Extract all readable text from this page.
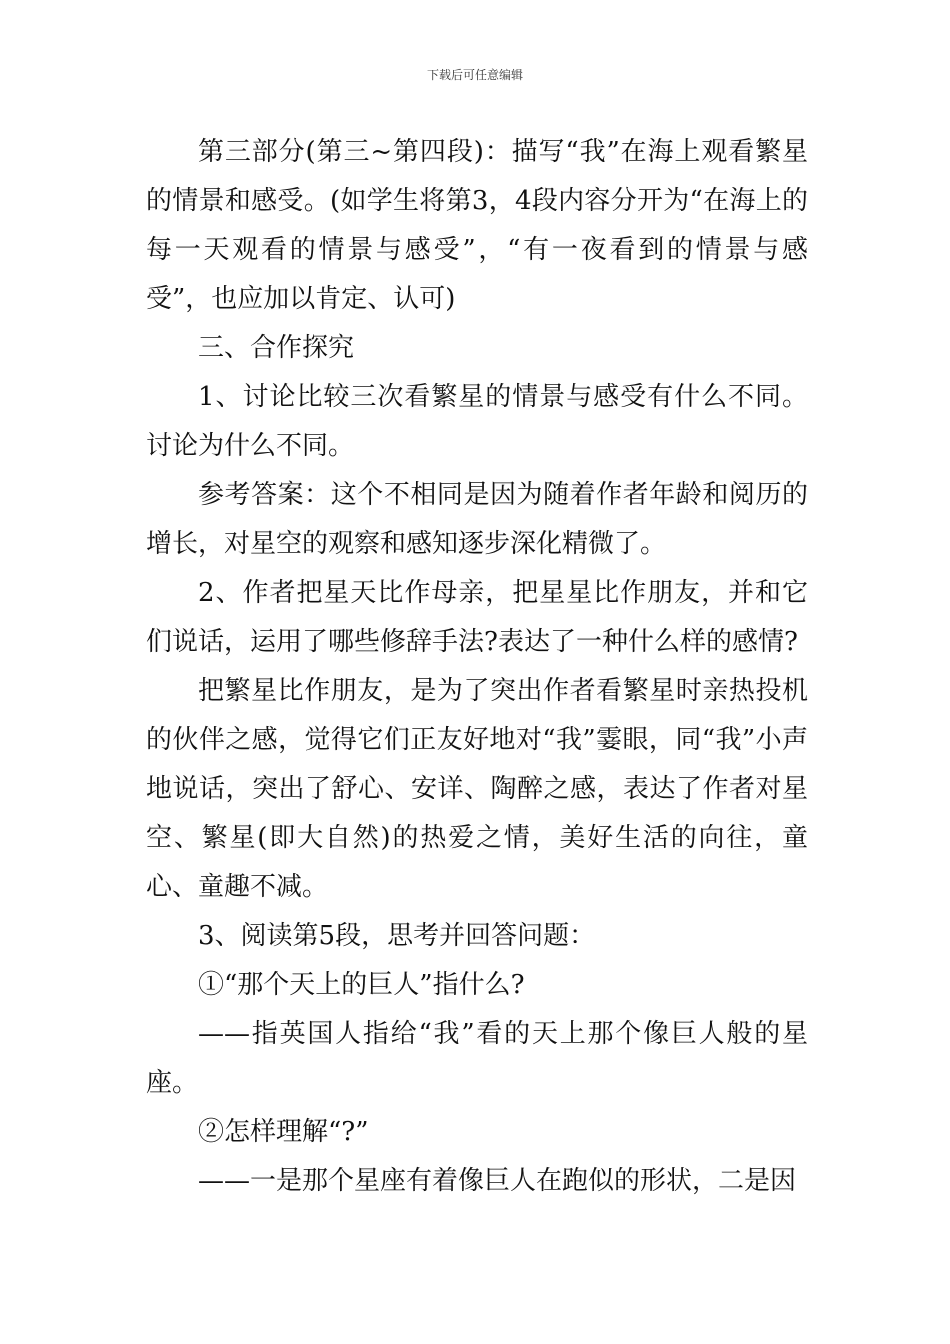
下载后可任意编辑

第三部分(第三~第四段)：描写“我”在海上观看繁星的情景和感受。(如学生将第3，4段内容分开为“在海上的每一天观看的情景与感受”，“有一夜看到的情景与感受”，也应加以肯定、认可)

三、合作探究

1、讨论比较三次看繁星的情景与感受有什么不同。讨论为什么不同。

参考答案：这个不相同是因为随着作者年龄和阅历的增长，对星空的观察和感知逐步深化精微了。

2、作者把星天比作母亲，把星星比作朋友，并和它们说话，运用了哪些修辞手法?表达了一种什么样的感情?

把繁星比作朋友，是为了突出作者看繁星时亲热投机的伙伴之感，觉得它们正友好地对“我”霎眼，同“我”小声地说话，突出了舒心、安详、陶醉之感，表达了作者对星空、繁星(即大自然)的热爱之情，美好生活的向往，童心、童趣不减。

3、阅读第5段，思考并回答问题：

①“那个天上的巨人”指什么?

——指英国人指给“我”看的天上那个像巨人般的星座。

②怎样理解“?”

——一是那个星座有着像巨人在跑似的形状，二是因
